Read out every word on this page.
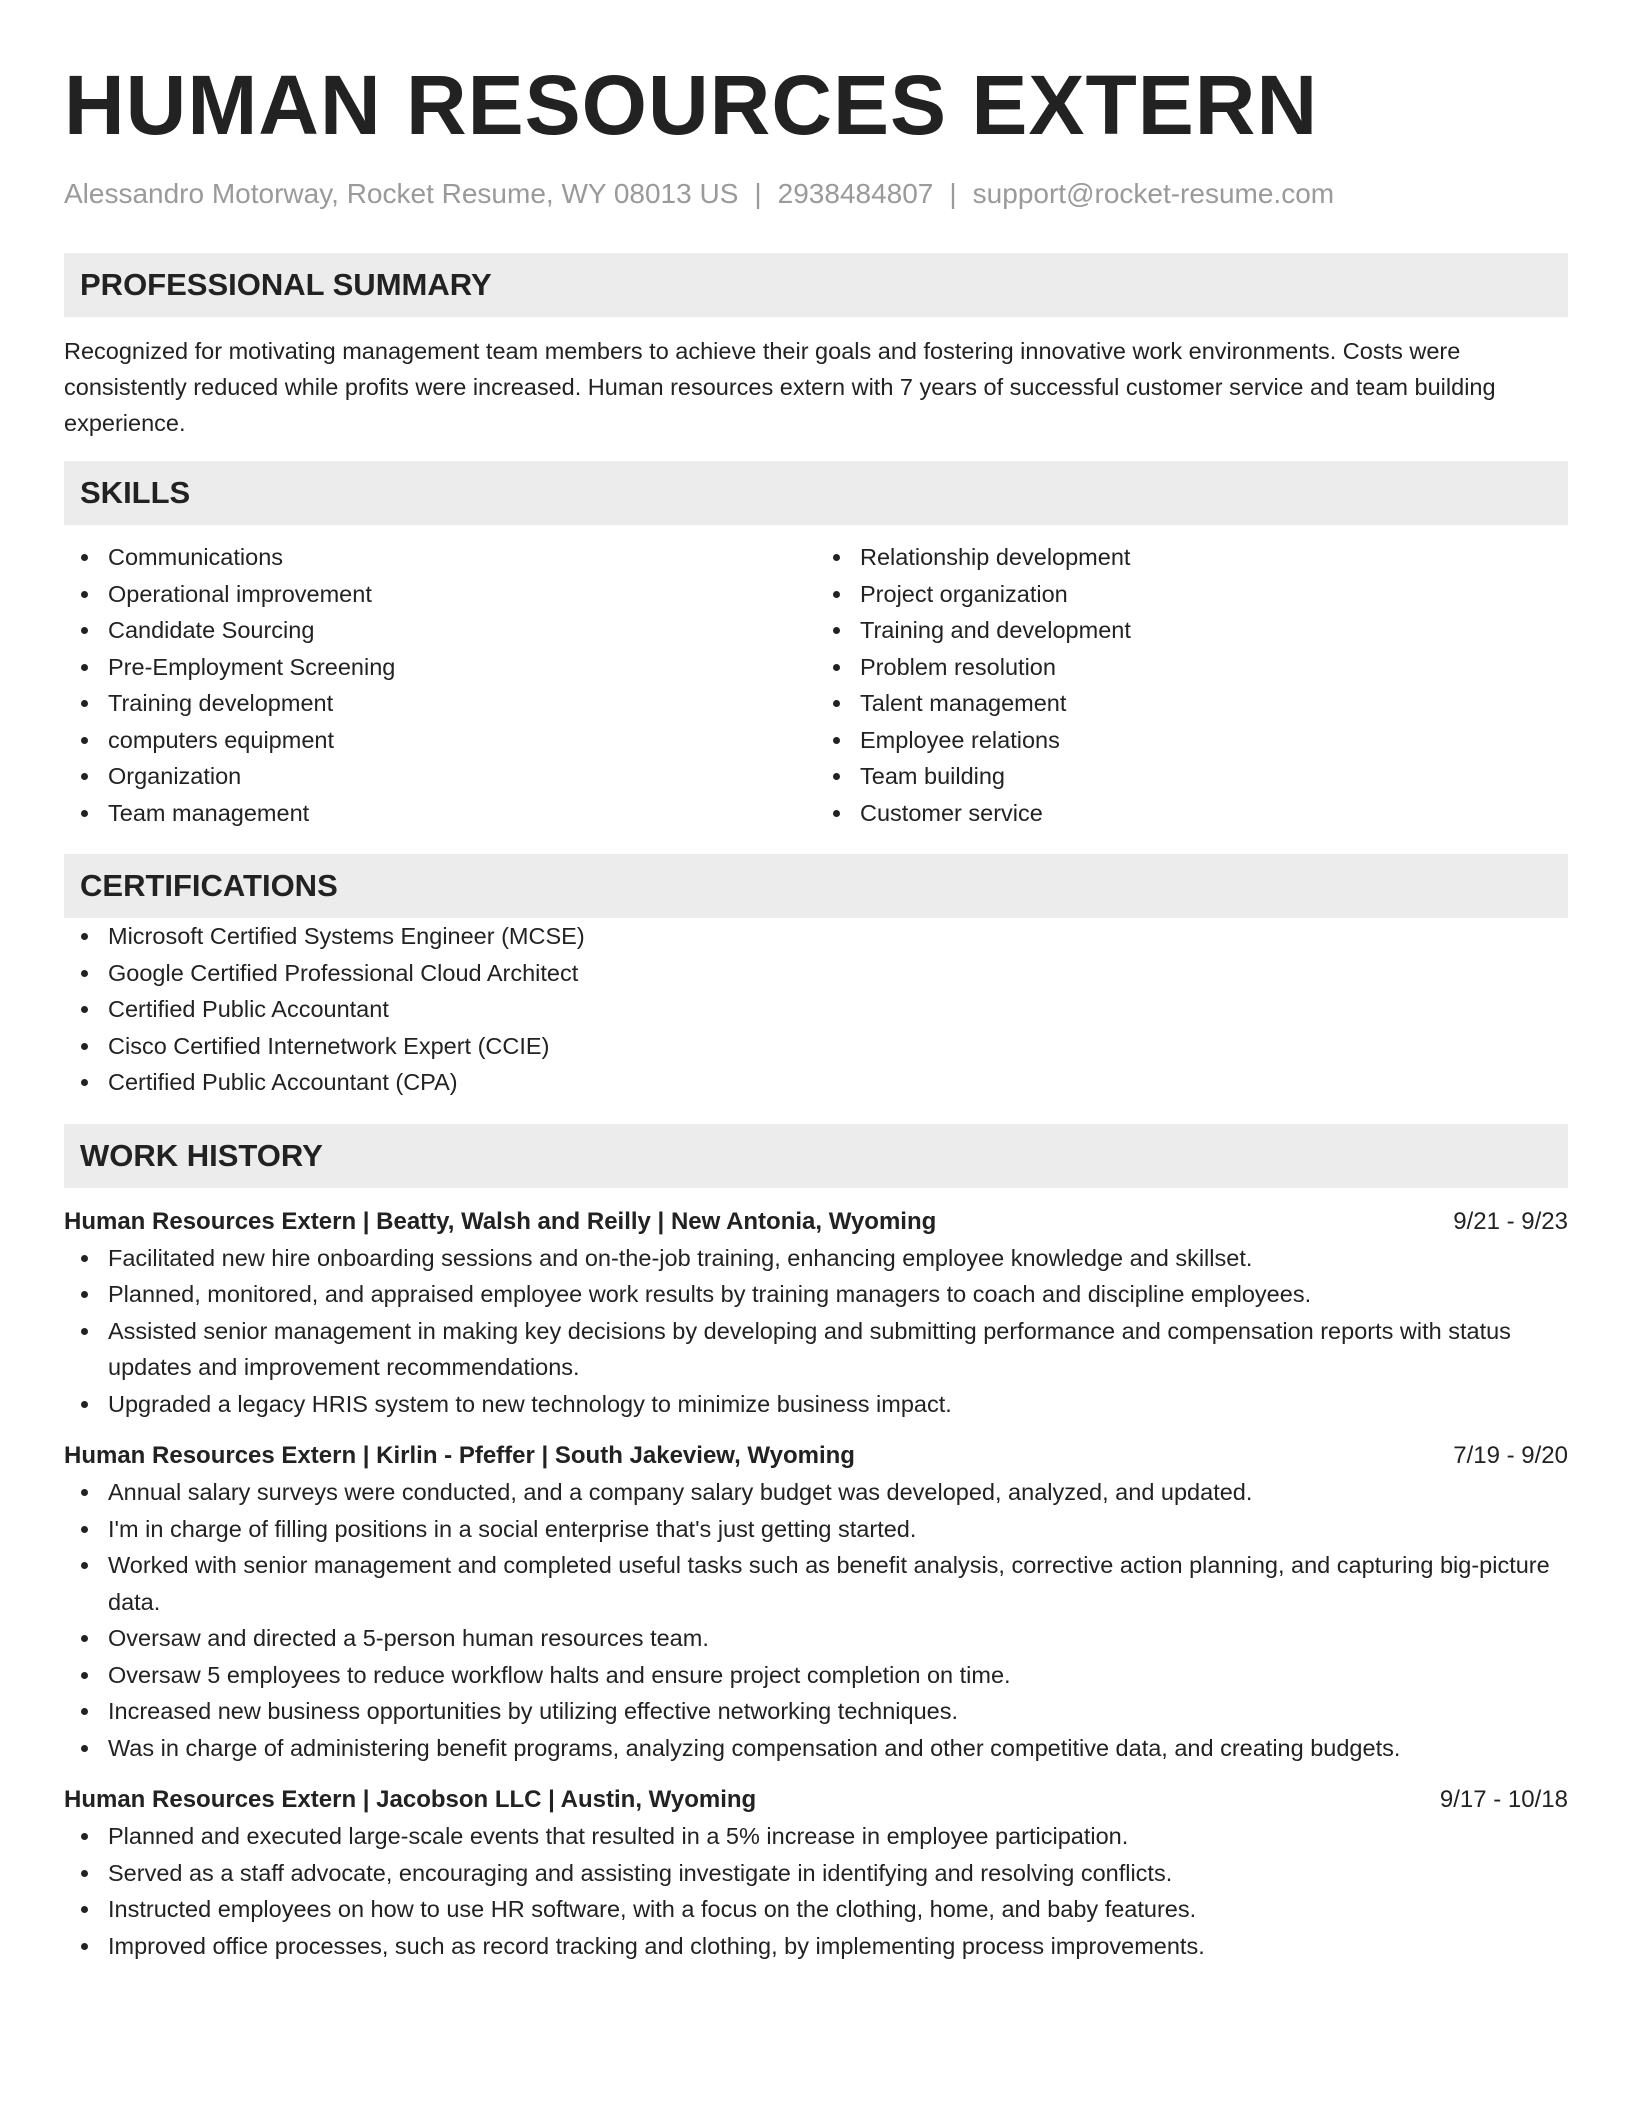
HUMAN RESOURCES EXTERN
Alessandro Motorway, Rocket Resume, WY 08013 US | 2938484807 | support@rocket-resume.com
PROFESSIONAL SUMMARY

Recognized for motivating management team members to achieve their goals and fostering innovative work environments. Costs were consistently reduced while profits were increased. Human resources extern with 7 years of successful customer service and team building experience.

SKILLS
Communications
Operational improvement
Candidate Sourcing
Pre-Employment Screening
Training development
computers equipment
Organization
Team management
Relationship development
Project organization
Training and development
Problem resolution
Talent management
Employee relations
Team building
Customer service
CERTIFICATIONS
Microsoft Certified Systems Engineer (MCSE)
Google Certified Professional Cloud Architect
Certified Public Accountant
Cisco Certified Internetwork Expert (CCIE)
Certified Public Accountant (CPA)
WORK HISTORY
Human Resources Extern | Beatty, Walsh and Reilly | New Antonia, Wyoming	9/21 - 9/23
Facilitated new hire onboarding sessions and on-the-job training, enhancing employee knowledge and skillset.
Planned, monitored, and appraised employee work results by training managers to coach and discipline employees.
Assisted senior management in making key decisions by developing and submitting performance and compensation reports with status updates and improvement recommendations.
Upgraded a legacy HRIS system to new technology to minimize business impact.
Human Resources Extern | Kirlin - Pfeffer | South Jakeview, Wyoming	7/19 - 9/20
Annual salary surveys were conducted, and a company salary budget was developed, analyzed, and updated.
I'm in charge of filling positions in a social enterprise that's just getting started.
Worked with senior management and completed useful tasks such as benefit analysis, corrective action planning, and capturing big-picture data.
Oversaw and directed a 5-person human resources team.
Oversaw 5 employees to reduce workflow halts and ensure project completion on time.
Increased new business opportunities by utilizing effective networking techniques.
Was in charge of administering benefit programs, analyzing compensation and other competitive data, and creating budgets.
Human Resources Extern | Jacobson LLC | Austin, Wyoming	9/17 - 10/18
Planned and executed large-scale events that resulted in a 5% increase in employee participation.
Served as a staff advocate, encouraging and assisting investigate in identifying and resolving conflicts.
Instructed employees on how to use HR software, with a focus on the clothing, home, and baby features.
Improved office processes, such as record tracking and clothing, by implementing process improvements.
